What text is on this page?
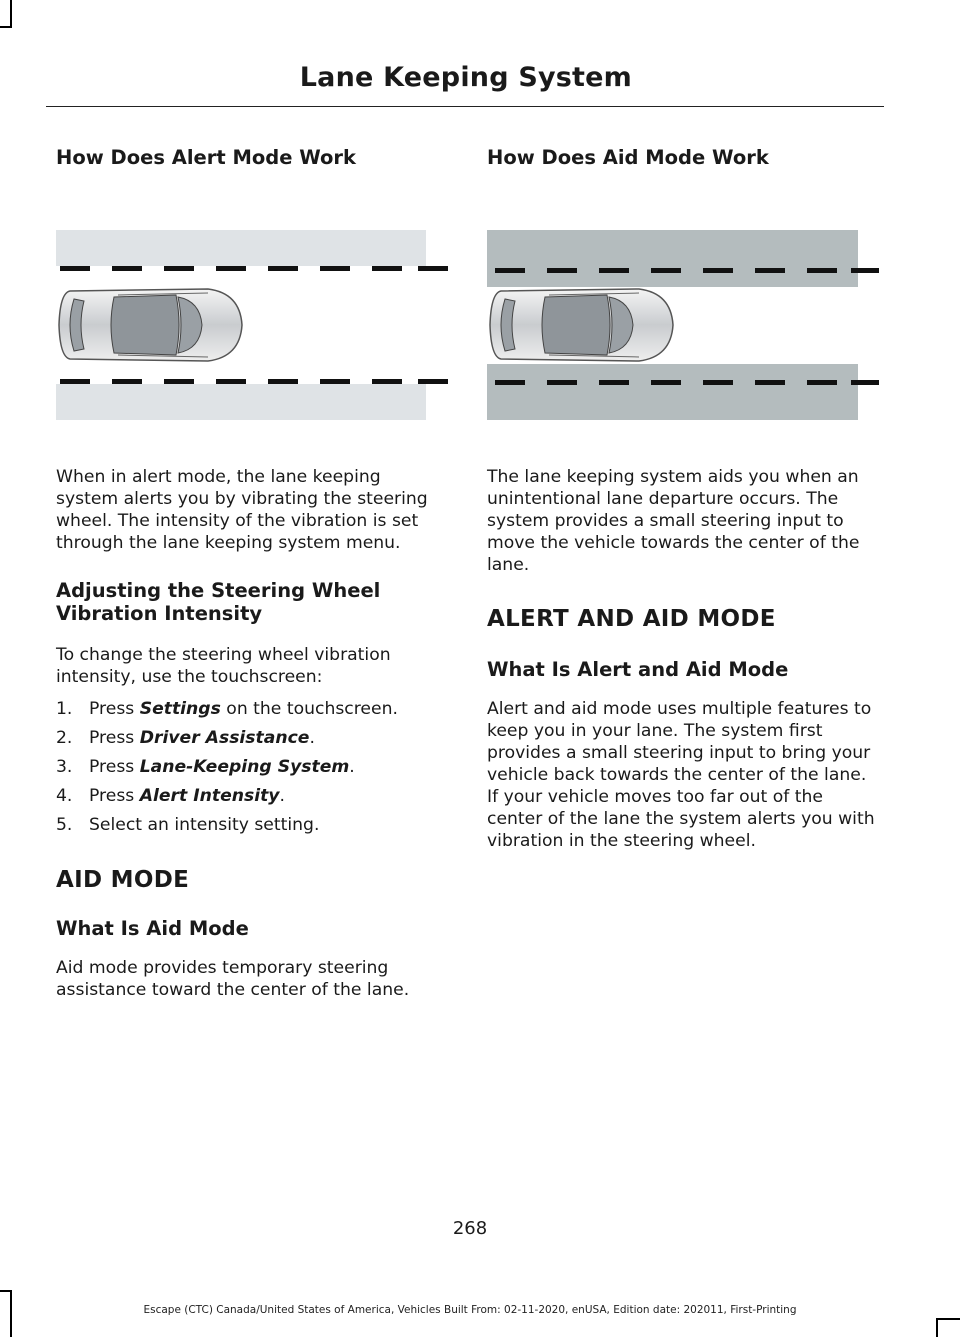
Lane Keeping System
How Does Alert Mode Work

When in alert mode, the lane keeping system alerts you by vibrating the steering wheel. The intensity of the vibration is set through the lane keeping system menu.

Adjusting the Steering Wheel
Vibration Intensity

To change the steering wheel vibration intensity, use the touchscreen:

1. Press Settings on the touchscreen.
2. Press Driver Assistance.
3. Press Lane-Keeping System.
4. Press Alert Intensity.
5. Select an intensity setting.
AID MODE
What Is Aid Mode

Aid mode provides temporary steering assistance toward the center of the lane.

How Does Aid Mode Work

The lane keeping system aids you when an unintentional lane departure occurs. The system provides a small steering input to move the vehicle towards the center of the lane.

ALERT AND AID MODE
What Is Alert and Aid Mode

Alert and aid mode uses multiple features to keep you in your lane. The system first provides a small steering input to bring your vehicle back towards the center of the lane. If your vehicle moves too far out of the center of the lane the system alerts you with vibration in the steering wheel.

268
Escape (CTC) Canada/United States of America, Vehicles Built From: 02-11-2020, enUSA, Edition date: 202011, First-Printing
